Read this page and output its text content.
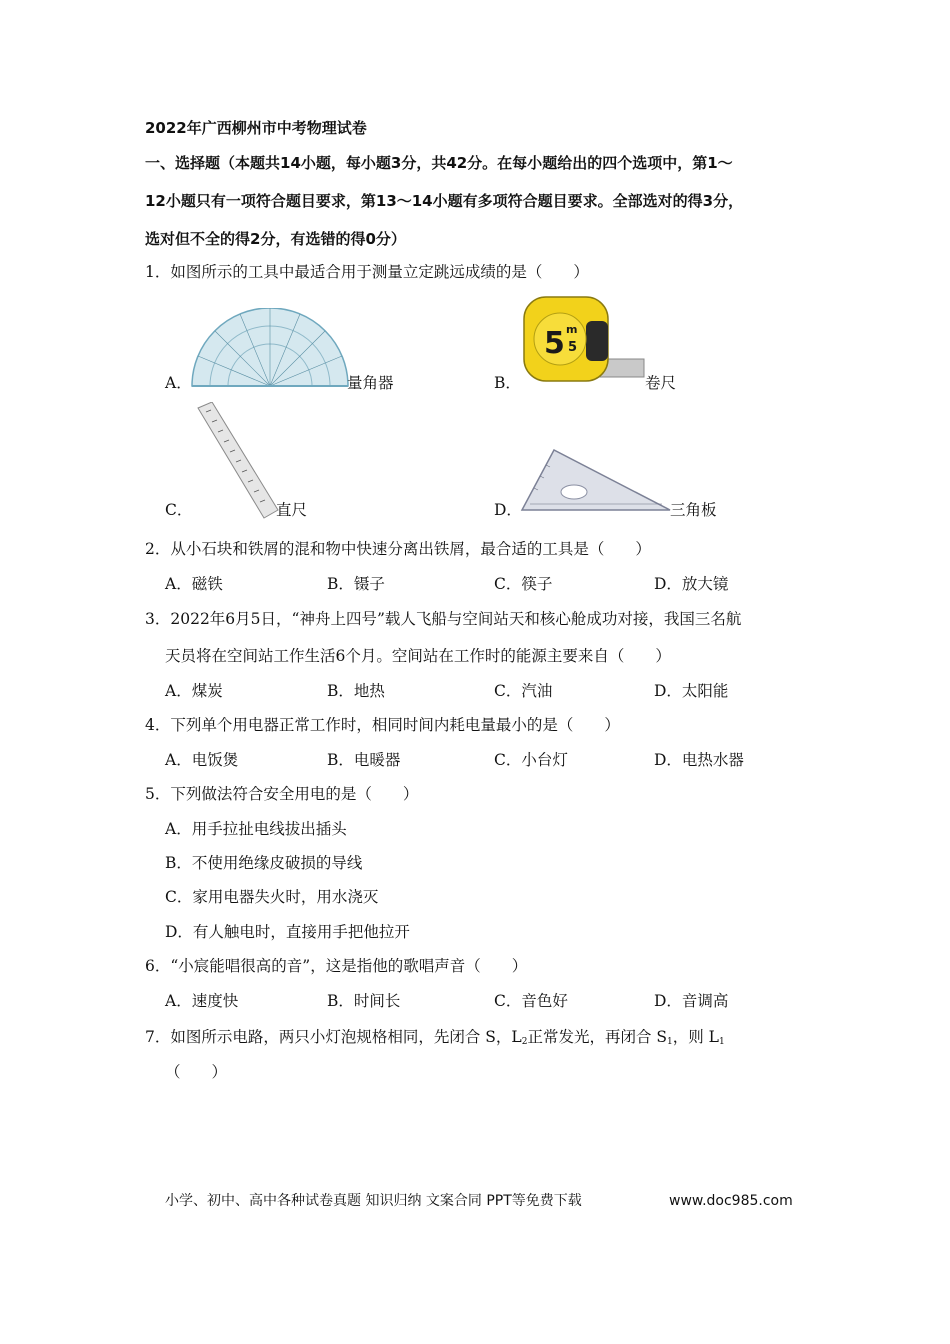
2022年广西柳州市中考物理试卷
一、选择题（本题共14小题，每小题3分，共42分。在每小题给出的四个选项中，第1～
12小题只有一项符合题目要求，第13～14小题有多项符合题目要求。全部选对的得3分，
选对但不全的得2分，有选错的得0分）
1．如图所示的工具中最适合用于测量立定跳远成绩的是（　　）
A．	量角器	B．
5 m
5
卷尺
C．	直尺	D．	三角板
2．从小石块和铁屑的混和物中快速分离出铁屑，最合适的工具是（　　）
A．磁铁	B．镊子	C．筷子	D．放大镜
3．2022年6月5日，“神舟上四号”载人飞船与空间站天和核心舱成功对接，我国三名航
天员将在空间站工作生活6个月。空间站在工作时的能源主要来自（　　）
A．煤炭	B．地热	C．汽油	D．太阳能
4．下列单个用电器正常工作时，相同时间内耗电量最小的是（　　）
A．电饭煲	B．电暖器	C．小台灯	D．电热水器
5．下列做法符合安全用电的是（　　）
A．用手拉扯电线拔出插头
B．不使用绝缘皮破损的导线
C．家用电器失火时，用水浇灭
D．有人触电时，直接用手把他拉开
6．“小宸能唱很高的音”，这是指他的歌唱声音（　　）
A．速度快	B．时间长	C．音色好	D．音调高
7．如图所示电路，两只小灯泡规格相同，先闭合 S，$L_2$正常发光，再闭合 $S_1$，则 $L_1$
（　　）
小学、初中、高中各种试卷真题 知识归纳 文案合同 PPT等免费下载	www.doc985.com
